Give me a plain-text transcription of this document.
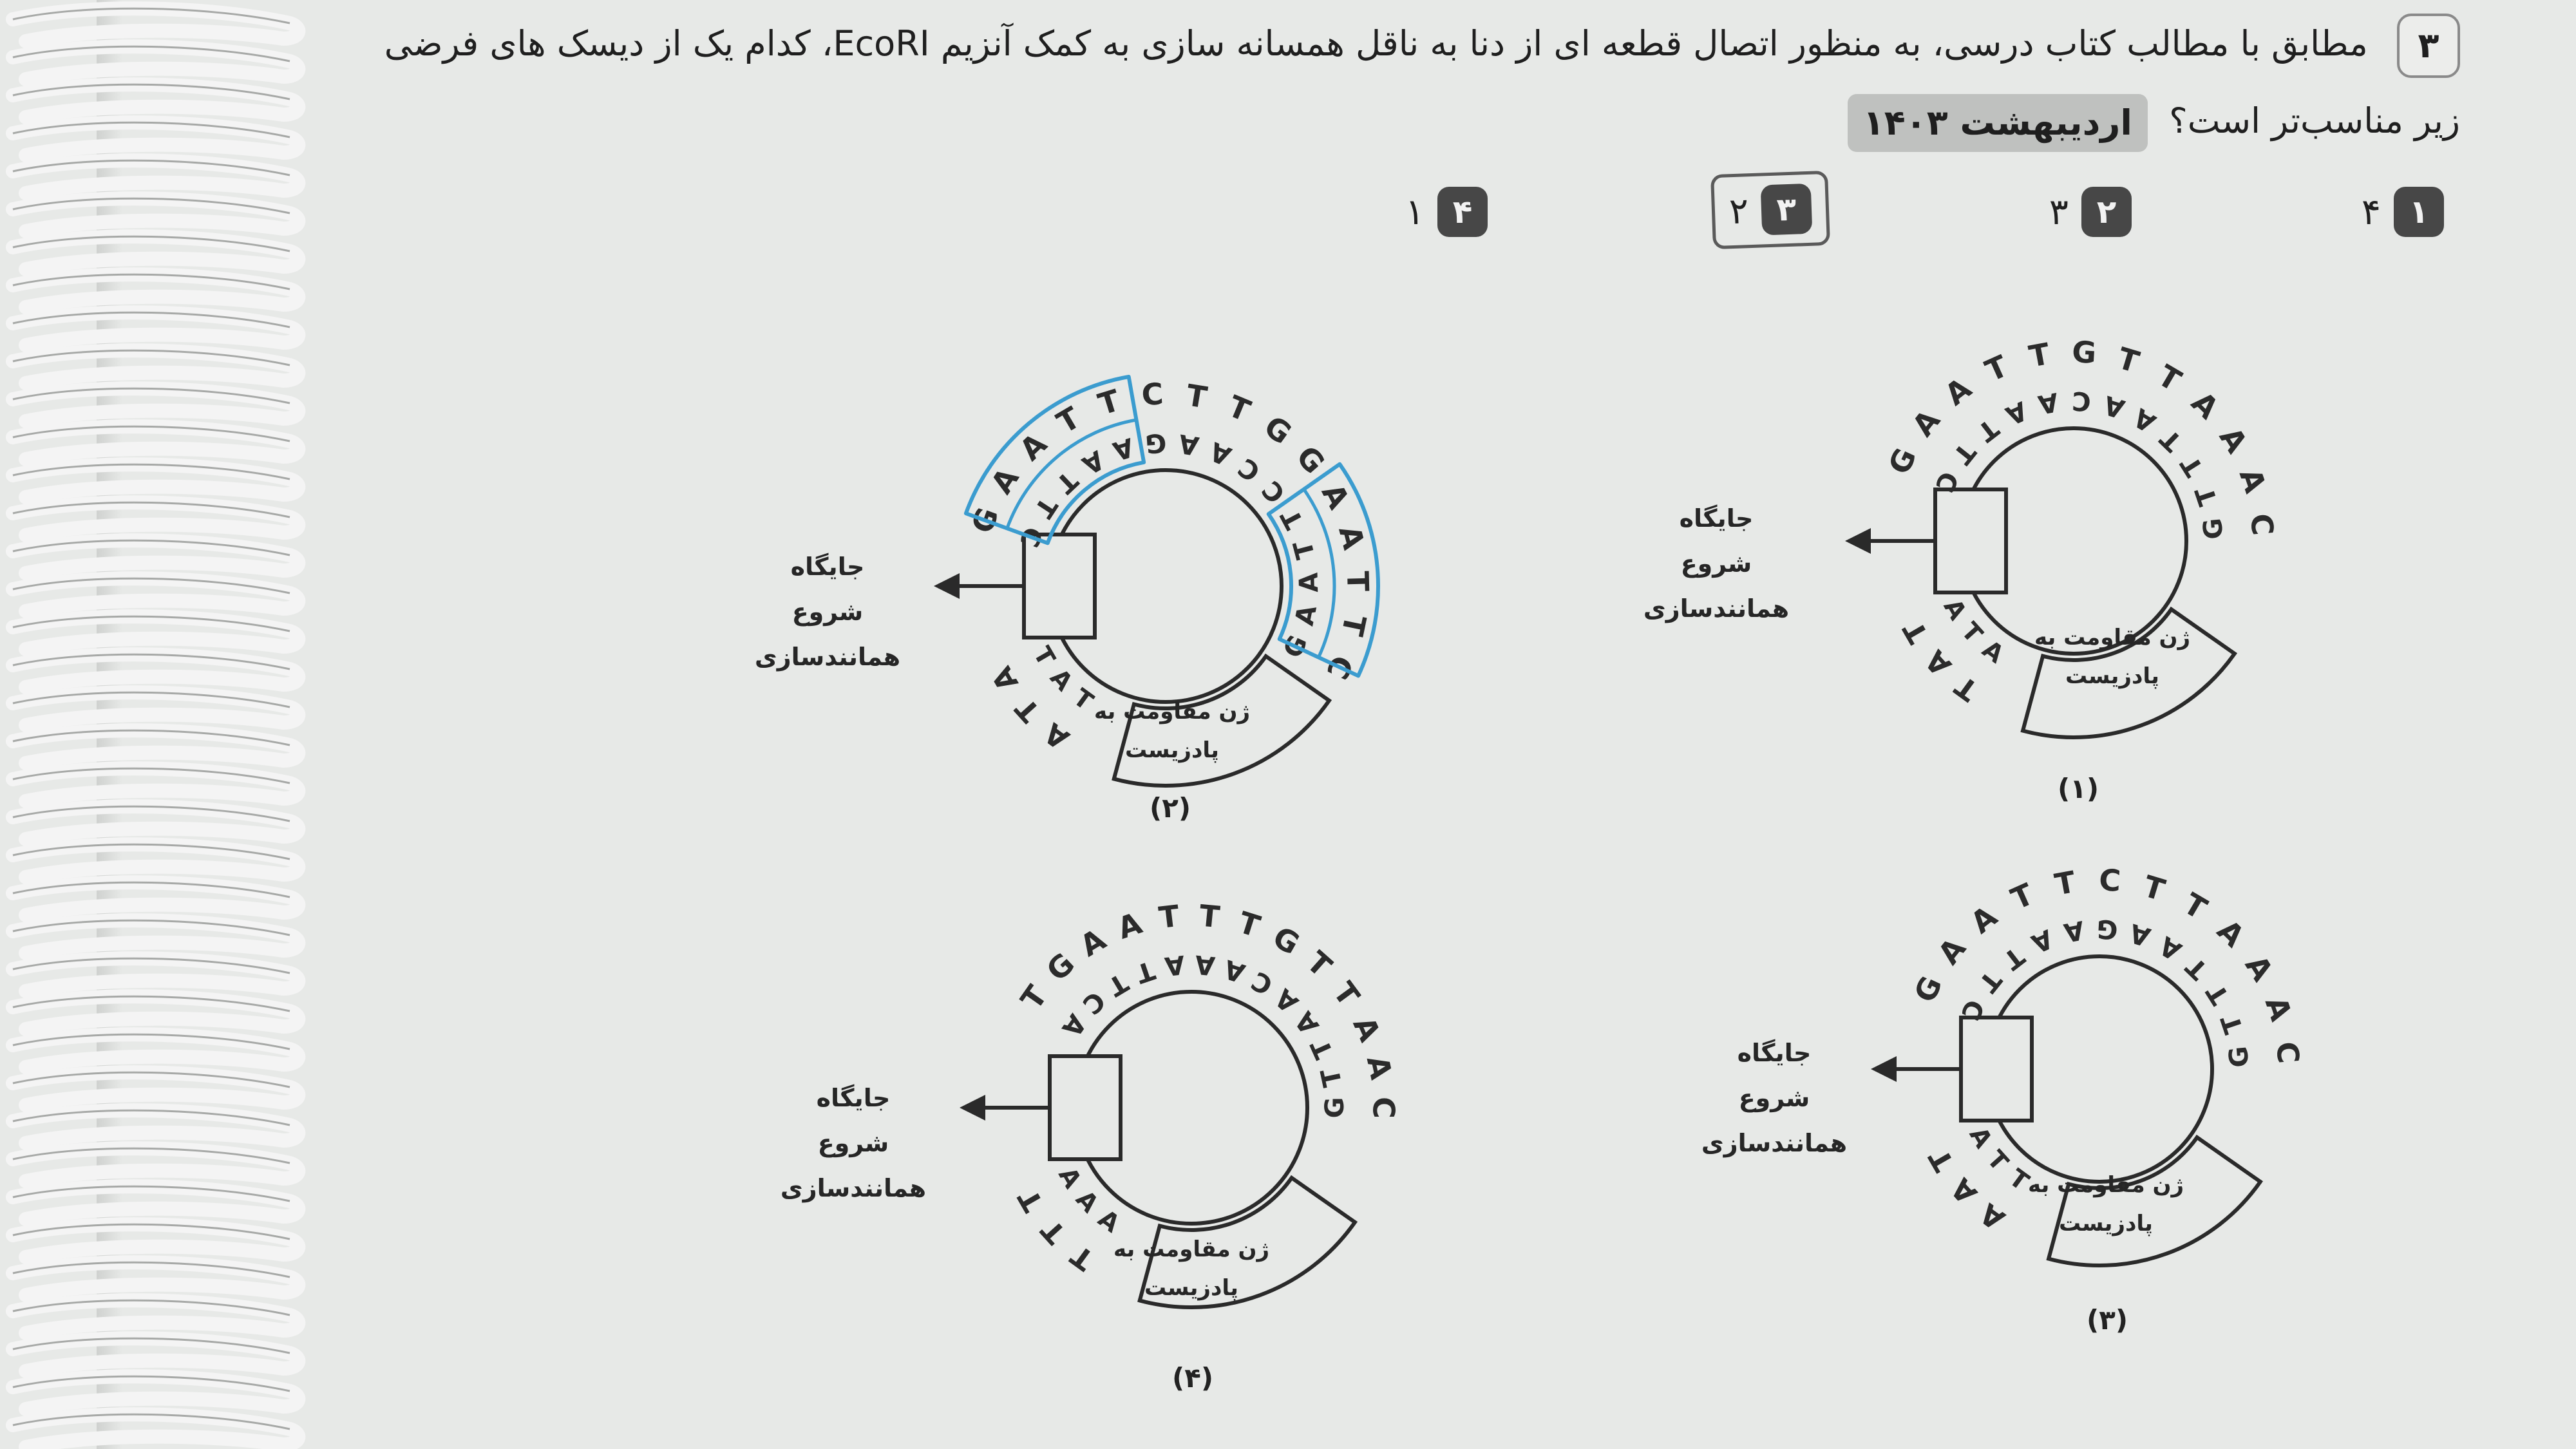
۳ مطابق با مطالب کتاب درسی، به منظور اتصال قطعه ای از دنا به ناقل همسانه سازی به کمک آنزیم EcoRI، کدام یک از دیسک های فرضی
زیر مناسب‌تر است؟ اردیبهشت ۱۴۰۳
۱
۴
۲
۳
۳
۲
۴
۱
G
C
A
T
A
T
T
A
T
A
G
C
T
A
T
A A
T A
T A
T
C
G
T
A
A
T
T
A
G C
A
T
A
T
T
A
T
A
C
G
T
A
T
A
G
C G
C A
T
A
T
T
A
T
A
C
G
A
T
T
A
A
T
G
C
A
T
A
T
T
A
T
A
C
G
T
A
T
A A
T A
T A
T
C
G
T
A
A
T
A
T
T
A
G
C
A
T
A
T
T
A
T
A
T
A
G
C T
A T
A A
T
A
T
C
G
T
A
T
A
T
A
جایگاه
شروع همانندسازی
ژن مقاومت به
پادزیست
(۱)
جایگاه
شروع همانندسازی
ژن مقاومت به
پادزیست
(۲)
جایگاه
شروع همانندسازی
ژن مقاومت به
پادزیست
(۳)
جایگاه
شروع همانندسازی
ژن مقاومت به
پادزیست
(۴)
